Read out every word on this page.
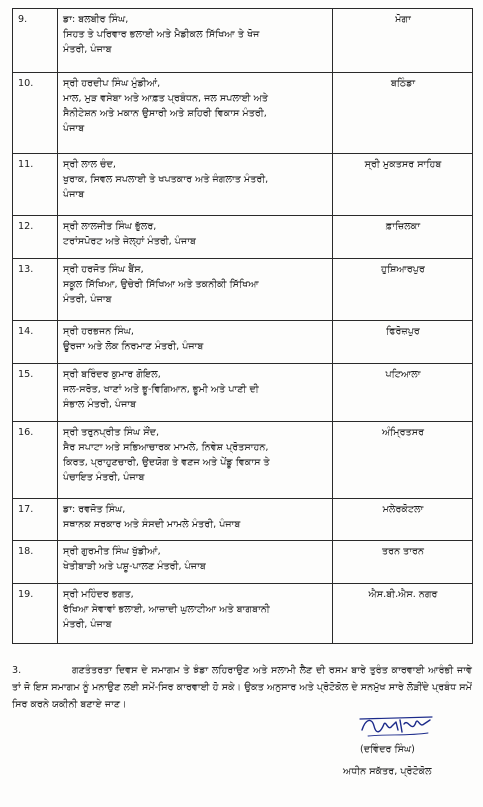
9.	ਡਾ: ਬਲਬੀਰ ਸਿੰਘ,
ਸਿਹਤ ਤੇ ਪਰਿਵਾਰ ਭਲਾਈ ਅਤੇ ਮੈਡੀਕਲ ਸਿੱਖਿਆ ਤੇ ਖੋਜ
ਮੰਤਰੀ, ਪੰਜਾਬ	ਮੋਗਾ
10.	ਸ੍ਰੀ ਹਰਦੀਪ ਸਿੰਘ ਮੁੰਡੀਆਂ,
ਮਾਲ, ਮੁੜ ਵਸੇਬਾ ਅਤੇ ਆਫ਼ਤ ਪ੍ਰਬੰਧਨ, ਜਲ ਸਪਲਾਈ ਅਤੇ
ਸੈਨੀਟੇਸ਼ਨ ਅਤੇ ਮਕਾਨ ਉਸਾਰੀ ਅਤੇ ਸ਼ਹਿਰੀ ਵਿਕਾਸ ਮੰਤਰੀ,
ਪੰਜਾਬ	ਬਠਿੰਡਾ
11.	ਸ੍ਰੀ ਲਾਲ ਚੰਦ,
ਖੁਰਾਕ, ਸਿਵਲ ਸਪਲਾਈ ਤੇ ਖਪਤਕਾਰ ਅਤੇ ਜੰਗਲਾਤ ਮੰਤਰੀ,
ਪੰਜਾਬ	ਸ੍ਰੀ ਮੁਕਤਸਰ ਸਾਹਿਬ
12.	ਸ੍ਰੀ ਲਾਲਜੀਤ ਸਿੰਘ ਭੁੱਲਰ,
ਟਰਾਂਸਪੋਰਟ ਅਤੇ ਜੇਲ੍ਹਾਂ ਮੰਤਰੀ, ਪੰਜਾਬ	ਫ਼ਾਜ਼ਿਲਕਾ
13.	ਸ੍ਰੀ ਹਰਜੋਤ ਸਿੰਘ ਬੈਂਸ,
ਸਕੂਲ ਸਿੱਖਿਆ, ਉਚੇਰੀ ਸਿੱਖਿਆ ਅਤੇ ਤਕਨੀਕੀ ਸਿੱਖਿਆ
ਮੰਤਰੀ, ਪੰਜਾਬ	ਹੁਸ਼ਿਆਰਪੁਰ
14.	ਸ੍ਰੀ ਹਰਭਜਨ ਸਿੰਘ,
ਊਰਜਾ ਅਤੇ ਲੋਕ ਨਿਰਮਾਣ ਮੰਤਰੀ, ਪੰਜਾਬ	ਫਿਰੋਜ਼ਪੁਰ
15.	ਸ੍ਰੀ ਬਰਿੰਦਰ ਕੁਮਾਰ ਗੋਇਲ,
ਜਲ-ਸਰੋਤ, ਖਾਣਾਂ ਅਤੇ ਭੂ-ਵਿਗਿਆਨ, ਭੂਮੀ ਅਤੇ ਪਾਣੀ ਦੀ
ਸੰਭਾਲ ਮੰਤਰੀ, ਪੰਜਾਬ	ਪਟਿਆਲਾ
16.	ਸ੍ਰੀ ਤਰੁਨਪ੍ਰੀਤ ਸਿੰਘ ਸੌਂਦ,
ਸੈਰ ਸਪਾਟਾ ਅਤੇ ਸਭਿਆਚਾਰਕ ਮਾਮਲੇ, ਨਿਵੇਸ਼ ਪ੍ਰੋਤਸਾਹਨ,
ਕਿਰਤ, ਪ੍ਰਾਹੁਣਚਾਰੀ, ਉਦਯੋਗ ਤੇ ਵਣਜ ਅਤੇ ਪੇਂਡੂ ਵਿਕਾਸ ਤੇ
ਪੰਚਾਇਤ ਮੰਤਰੀ, ਪੰਜਾਬ	ਅੰਮ੍ਰਿਤਸਰ
17.	ਡਾ: ਰਵਜੋਤ ਸਿੰਘ,
ਸਥਾਨਕ ਸਰਕਾਰ ਅਤੇ ਸੰਸਦੀ ਮਾਮਲੇ ਮੰਤਰੀ, ਪੰਜਾਬ	ਮਲੇਰਕੋਟਲਾ
18.	ਸ੍ਰੀ ਗੁਰਮੀਤ ਸਿੰਘ ਖੁੱਡੀਆਂ,
ਖੇਤੀਬਾੜੀ ਅਤੇ ਪਸ਼ੂ-ਪਾਲਣ ਮੰਤਰੀ, ਪੰਜਾਬ	ਤਰਨ ਤਾਰਨ
19.	ਸ੍ਰੀ ਮਹਿੰਦਰ ਭਗਤ,
ਰੱਖਿਆ ਸੇਵਾਵਾਂ ਭਲਾਈ, ਆਜ਼ਾਦੀ ਘੁਲਾਟੀਆ ਅਤੇ ਬਾਗਬਾਨੀ
ਮੰਤਰੀ, ਪੰਜਾਬ	ਐਸ.ਬੀ.ਐਸ. ਨਗਰ
3.	ਗਣਤੰਤਰਤਾ ਦਿਵਸ ਦੇ ਸਮਾਗਮ ਤੇ ਝੰਡਾ ਲਹਿਰਾਉਣ ਅਤੇ ਸਲਾਮੀ ਲੈਣ ਦੀ ਰਸਮ ਬਾਰੇ ਤੁਰੰਤ ਕਾਰਵਾਈ ਆਰੰਭੀ ਜਾਵੇ ਤਾਂ ਜੋ ਇਸ ਸਮਾਗਮ ਨੂੰ ਮਨਾਉਣ ਲਈ ਸਮੇਂ-ਸਿਰ ਕਾਰਵਾਈ ਹੋ ਸਕੇ। ਉਕਤ ਅਨੁਸਾਰ ਅਤੇ ਪ੍ਰੋਟੋਕੋਲ ਦੇ ਸਨਮੁੱਖ ਸਾਰੇ ਲੋੜੀਂਦੇ ਪ੍ਰਬੰਧ ਸਮੇਂ ਸਿਰ ਕਰਨੇ ਯਕੀਨੀ ਬਣਾਏ ਜਾਣ।
(ਦਵਿੰਦਰ ਸਿੰਘ)
ਅਧੀਨ ਸਕੱਤਰ, ਪ੍ਰੋਟੋਕੋਲ
